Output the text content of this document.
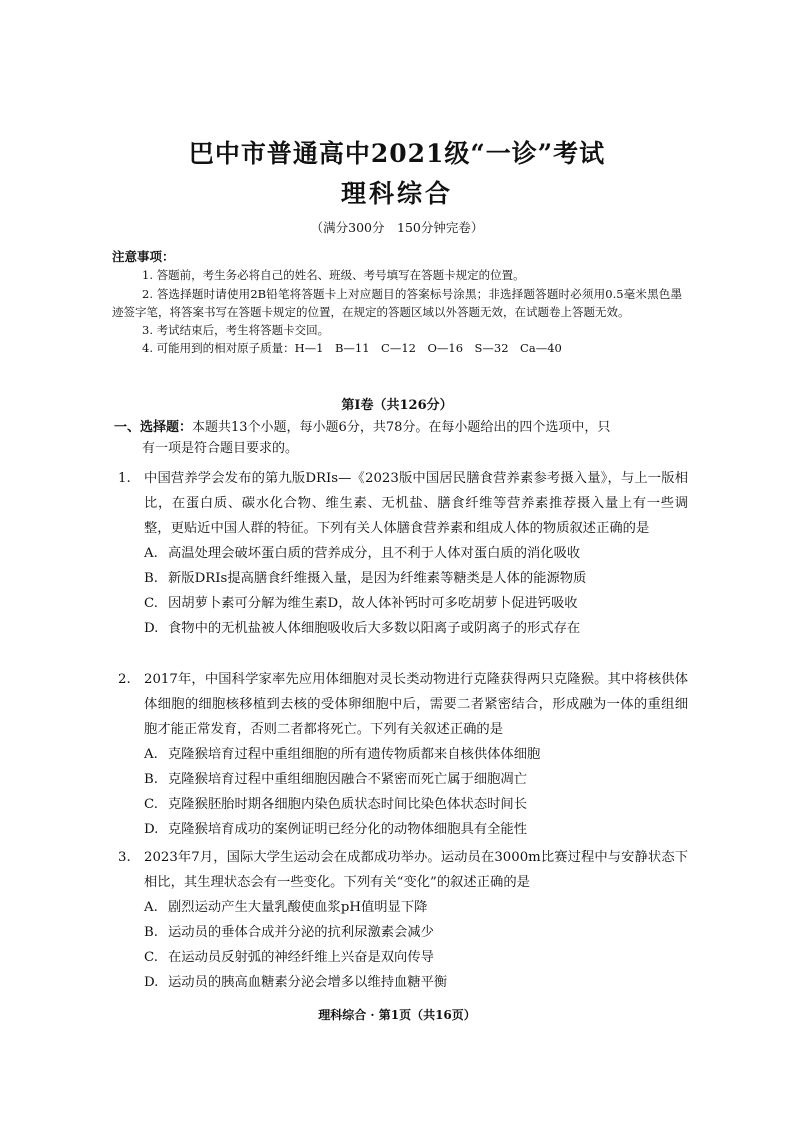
巴中市普通高中2021级“一诊”考试
理科综合
（满分300分　150分钟完卷）
注意事项：
1. 答题前，考生务必将自己的姓名、班级、考号填写在答题卡规定的位置。
2. 答选择题时请使用2B铅笔将答题卡上对应题目的答案标号涂黑；非选择题答题时必须用0.5毫米黑色墨迹签字笔，将答案书写在答题卡规定的位置，在规定的答题区域以外答题无效，在试题卷上答题无效。
3. 考试结束后，考生将答题卡交回。
4. 可能用到的相对原子质量：H—1　B—11　C—12　O—16　S—32　Ca—40
第Ⅰ卷（共126分）
一、选择题：本题共13个小题，每小题6分，共78分。在每小题给出的四个选项中，只
有一项是符合题目要求的。
1.	中国营养学会发布的第九版DRIs—《2023版中国居民膳食营养素参考摄入量》，与上一版相比，在蛋白质、碳水化合物、维生素、无机盐、膳食纤维等营养素推荐摄入量上有一些调整，更贴近中国人群的特征。下列有关人体膳食营养素和组成人体的物质叙述正确的是
A. 高温处理会破坏蛋白质的营养成分，且不利于人体对蛋白质的消化吸收
B. 新版DRIs提高膳食纤维摄入量，是因为纤维素等糖类是人体的能源物质
C. 因胡萝卜素可分解为维生素D，故人体补钙时可多吃胡萝卜促进钙吸收
D. 食物中的无机盐被人体细胞吸收后大多数以阳离子或阴离子的形式存在
2.	2017年，中国科学家率先应用体细胞对灵长类动物进行克隆获得两只克隆猴。其中将核供体体细胞的细胞核移植到去核的受体卵细胞中后，需要二者紧密结合，形成融为一体的重组细胞才能正常发育，否则二者都将死亡。下列有关叙述正确的是
A. 克隆猴培育过程中重组细胞的所有遗传物质都来自核供体体细胞
B. 克隆猴培育过程中重组细胞因融合不紧密而死亡属于细胞凋亡
C. 克隆猴胚胎时期各细胞内染色质状态时间比染色体状态时间长
D. 克隆猴培育成功的案例证明已经分化的动物体细胞具有全能性
3.	2023年7月，国际大学生运动会在成都成功举办。运动员在3000m比赛过程中与安静状态下相比，其生理状态会有一些变化。下列有关“变化”的叙述正确的是
A. 剧烈运动产生大量乳酸使血浆pH值明显下降
B. 运动员的垂体合成并分泌的抗利尿激素会减少
C. 在运动员反射弧的神经纤维上兴奋是双向传导
D. 运动员的胰高血糖素分泌会增多以维持血糖平衡
理科综合 · 第1页（共16页）
